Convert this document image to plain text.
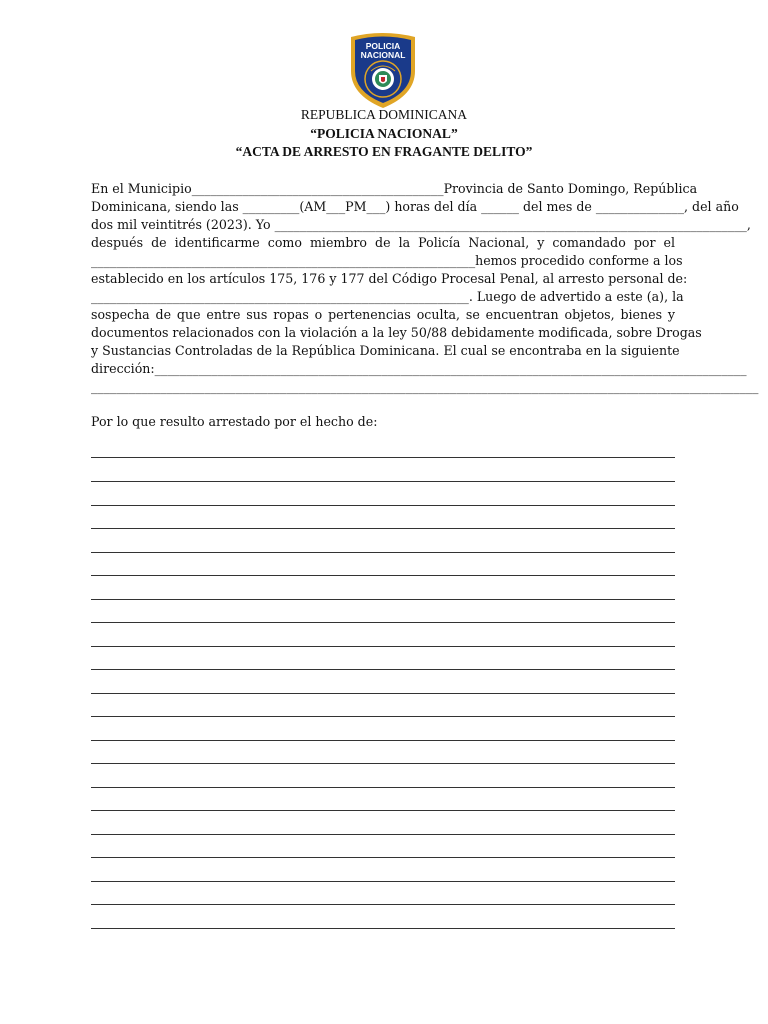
POLICIA
NACIONAL
REPUBLICA DOMINICANA
“POLICIA NACIONAL”
“ACTA DE ARRESTO EN FRAGANTE DELITO”
En el Municipio________________________________________Provincia de Santo Domingo, República
Dominicana, siendo las _________(AM___PM___) horas del día ______ del mes de ______________, del año
dos mil veintitrés (2023). Yo ___________________________________________________________________________,
después de identificarme como miembro de la Policía Nacional, y comandado por el
_____________________________________________________________hemos procedido conforme a los
establecido en los artículos 175, 176 y 177 del Código Procesal Penal, al arresto personal de:
____________________________________________________________. Luego de advertido a este (a), la
sospecha de que entre sus ropas o pertenencias oculta, se encuentran objetos, bienes y
documentos relacionados con la violación a la ley 50/88 debidamente modificada, sobre Drogas
y Sustancias Controladas de la República Dominicana. El cual se encontraba en la siguiente
dirección:______________________________________________________________________________________________
__________________________________________________________________________________________________________
Por lo que resulto arrestado por el hecho de:
